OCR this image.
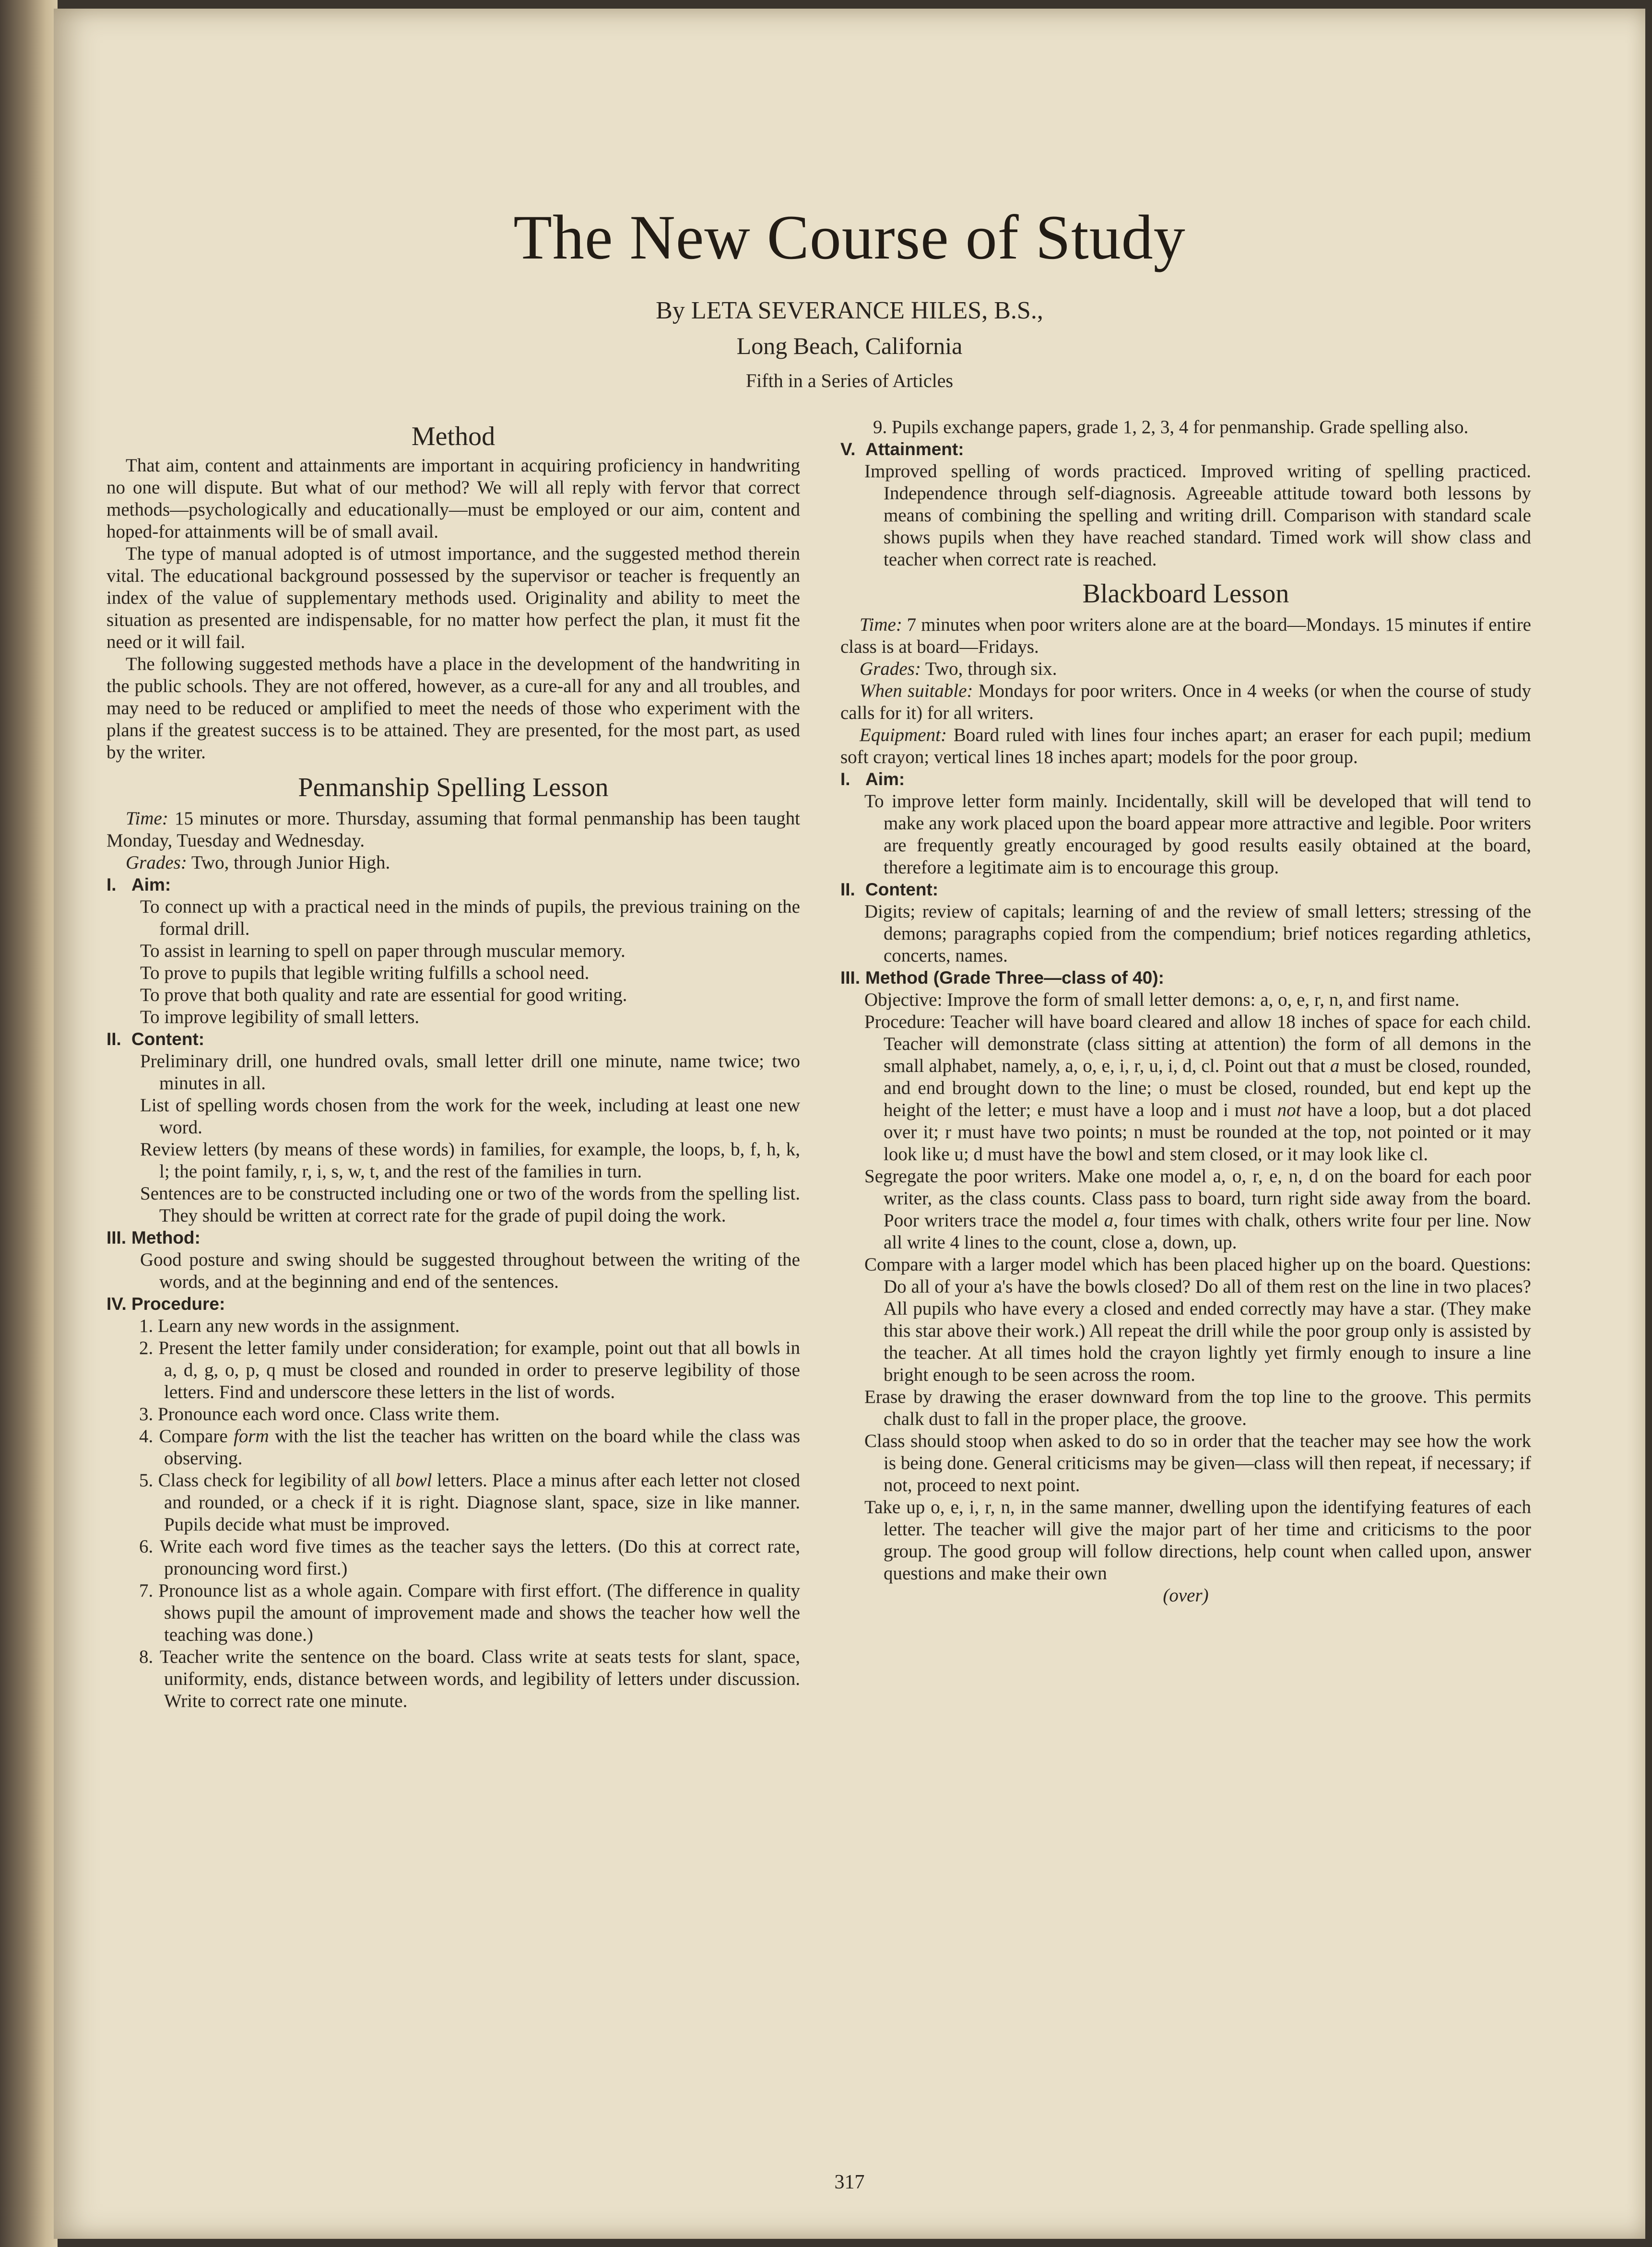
The New Course of Study
By LETA SEVERANCE HILES, B.S.,
Long Beach, California
Fifth in a Series of Articles
Method

That aim, content and attainments are important in acquiring proficiency in handwriting no one will dispute. But what of our method? We will all reply with fervor that correct methods—psychologically and educationally—must be employed or our aim, content and hoped-for attainments will be of small avail.

The type of manual adopted is of utmost importance, and the suggested method therein vital. The educational background possessed by the supervisor or teacher is frequently an index of the value of supplementary methods used. Originality and ability to meet the situation as presented are indispensable, for no matter how perfect the plan, it must fit the need or it will fail.

The following suggested methods have a place in the development of the handwriting in the public schools. They are not offered, however, as a cure-all for any and all troubles, and may need to be reduced or amplified to meet the needs of those who experiment with the plans if the greatest success is to be attained. They are presented, for the most part, as used by the writer.

Penmanship Spelling Lesson

Time: 15 minutes or more. Thursday, assuming that formal penmanship has been taught Monday, Tuesday and Wednesday.

Grades: Two, through Junior High.

I. Aim:

To connect up with a practical need in the minds of pupils, the previous training on the formal drill.

To assist in learning to spell on paper through muscular memory.

To prove to pupils that legible writing fulfills a school need.

To prove that both quality and rate are essential for good writing.

To improve legibility of small letters.

II. Content:

Preliminary drill, one hundred ovals, small letter drill one minute, name twice; two minutes in all.

List of spelling words chosen from the work for the week, including at least one new word.

Review letters (by means of these words) in families, for example, the loops, b, f, h, k, l; the point family, r, i, s, w, t, and the rest of the families in turn.

Sentences are to be constructed including one or two of the words from the spelling list. They should be written at correct rate for the grade of pupil doing the work.

III. Method:

Good posture and swing should be suggested throughout between the writing of the words, and at the beginning and end of the sentences.

IV. Procedure:

1. Learn any new words in the assignment.

2. Present the letter family under consideration; for example, point out that all bowls in a, d, g, o, p, q must be closed and rounded in order to preserve legibility of those letters. Find and underscore these letters in the list of words.

3. Pronounce each word once. Class write them.

4. Compare form with the list the teacher has written on the board while the class was observing.

5. Class check for legibility of all bowl letters. Place a minus after each letter not closed and rounded, or a check if it is right. Diagnose slant, space, size in like manner. Pupils decide what must be improved.

6. Write each word five times as the teacher says the letters. (Do this at correct rate, pronouncing word first.)

7. Pronounce list as a whole again. Compare with first effort. (The difference in quality shows pupil the amount of improvement made and shows the teacher how well the teaching was done.)

8. Teacher write the sentence on the board. Class write at seats tests for slant, space, uniformity, ends, distance between words, and legibility of letters under discussion. Write to correct rate one minute.

9. Pupils exchange papers, grade 1, 2, 3, 4 for penmanship. Grade spelling also.

V. Attainment:

Improved spelling of words practiced. Improved writing of spelling practiced. Independence through self-diagnosis. Agreeable attitude toward both lessons by means of combining the spelling and writing drill. Comparison with standard scale shows pupils when they have reached standard. Timed work will show class and teacher when correct rate is reached.

Blackboard Lesson

Time: 7 minutes when poor writers alone are at the board—Mondays. 15 minutes if entire class is at board—Fridays.

Grades: Two, through six.

When suitable: Mondays for poor writers. Once in 4 weeks (or when the course of study calls for it) for all writers.

Equipment: Board ruled with lines four inches apart; an eraser for each pupil; medium soft crayon; vertical lines 18 inches apart; models for the poor group.

I. Aim:

To improve letter form mainly. Incidentally, skill will be developed that will tend to make any work placed upon the board appear more attractive and legible. Poor writers are frequently greatly encouraged by good results easily obtained at the board, therefore a legitimate aim is to encourage this group.

II. Content:

Digits; review of capitals; learning of and the review of small letters; stressing of the demons; paragraphs copied from the compendium; brief notices regarding athletics, concerts, names.

III. Method (Grade Three—class of 40):

Objective: Improve the form of small letter demons: a, o, e, r, n, and first name.

Procedure: Teacher will have board cleared and allow 18 inches of space for each child. Teacher will demonstrate (class sitting at attention) the form of all demons in the small alphabet, namely, a, o, e, i, r, u, i, d, cl. Point out that a must be closed, rounded, and end brought down to the line; o must be closed, rounded, but end kept up the height of the letter; e must have a loop and i must not have a loop, but a dot placed over it; r must have two points; n must be rounded at the top, not pointed or it may look like u; d must have the bowl and stem closed, or it may look like cl.

Segregate the poor writers. Make one model a, o, r, e, n, d on the board for each poor writer, as the class counts. Class pass to board, turn right side away from the board. Poor writers trace the model a, four times with chalk, others write four per line. Now all write 4 lines to the count, close a, down, up.

Compare with a larger model which has been placed higher up on the board. Questions: Do all of your a's have the bowls closed? Do all of them rest on the line in two places? All pupils who have every a closed and ended correctly may have a star. (They make this star above their work.) All repeat the drill while the poor group only is assisted by the teacher. At all times hold the crayon lightly yet firmly enough to insure a line bright enough to be seen across the room.

Erase by drawing the eraser downward from the top line to the groove. This permits chalk dust to fall in the proper place, the groove.

Class should stoop when asked to do so in order that the teacher may see how the work is being done. General criticisms may be given—class will then repeat, if necessary; if not, proceed to next point.

Take up o, e, i, r, n, in the same manner, dwelling upon the identifying features of each letter. The teacher will give the major part of her time and criticisms to the poor group. The good group will follow directions, help count when called upon, answer questions and make their own

(over)

317
